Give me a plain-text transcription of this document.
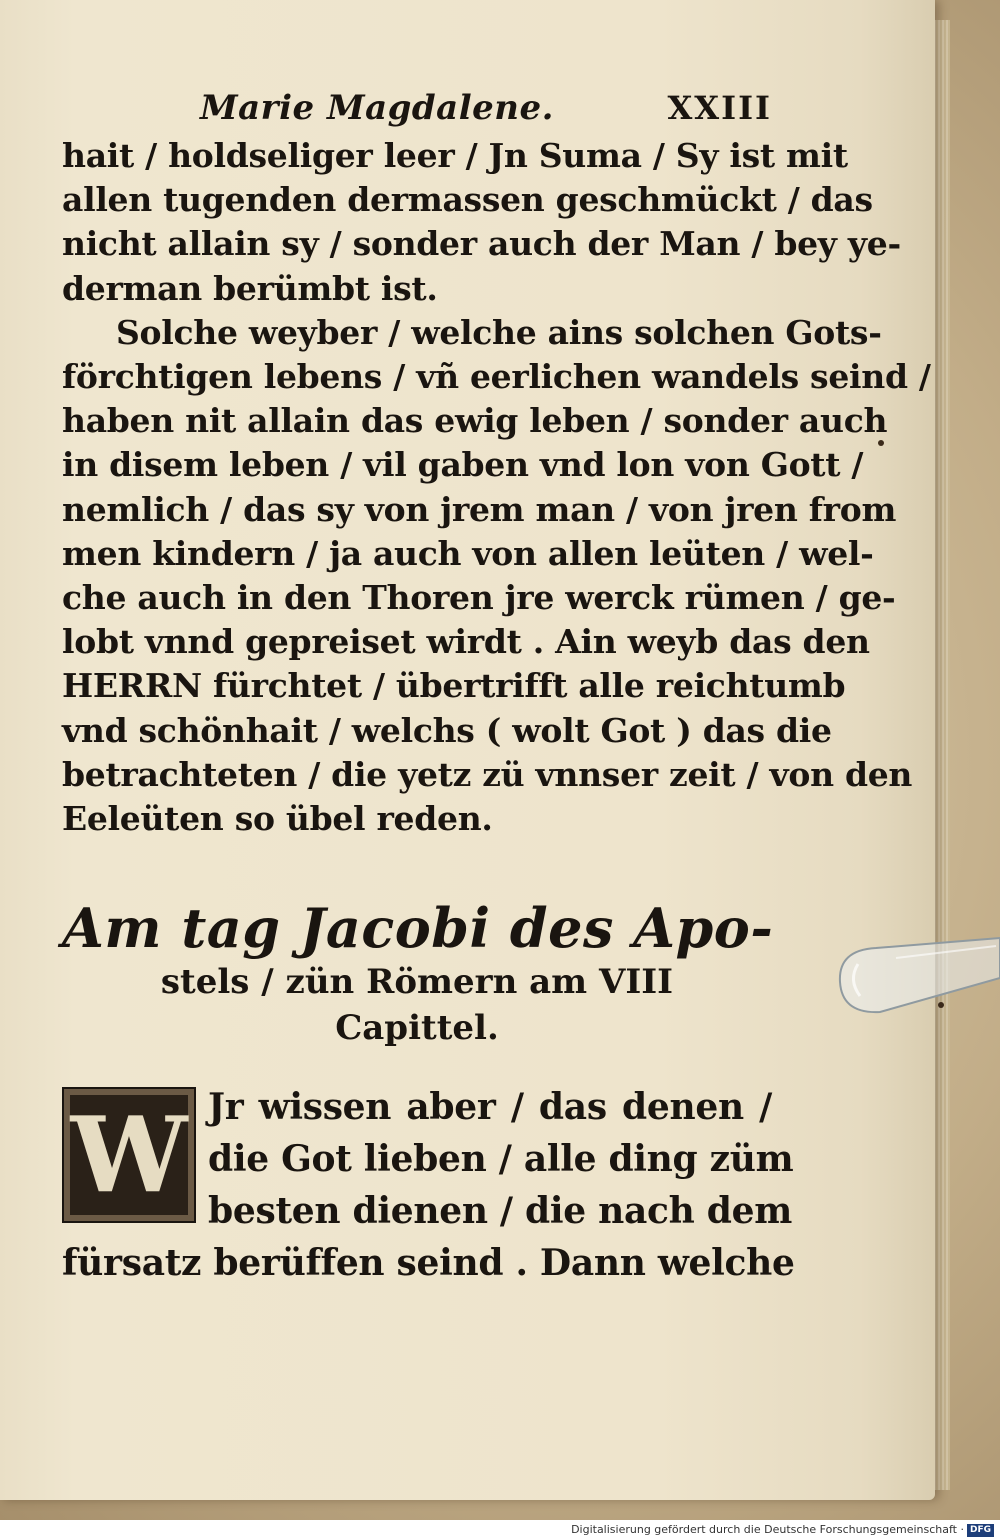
Marie Magdalene.	XXIII
hait / holdseliger leer / Jn Suma / Sy ist mit
allen tugenden dermassen geschmückt / das
nicht allain sy / sonder auch der Man / bey ye-
derman berümbt ist.
Solche weyber / welche ains solchen Gots-
förchtigen lebens / vñ eerlichen wandels seind /
haben nit allain das ewig leben / sonder auch
in disem leben / vil gaben vnd lon von Gott /
nemlich / das sy von jrem man / von jren from
men kindern / ja auch von allen leüten / wel-
che auch in den Thoren jre werck rümen / ge-
lobt vnnd gepreiset wirdt . Ain weyb das den
HERRN fürchtet / übertrifft alle reichtumb
vnd schönhait / welchs ( wolt Got ) das die
betrachteten / die yetz zü vnnser zeit / von den
Eeleüten so übel reden.
Am tag Jacobi des Apo-
stels / zün Römern am VIII
Capittel.
W Jr wissen aber / das denen /
die Got lieben / alle ding züm
besten dienen / die nach dem
fürsatz berüffen seind . Dann welche
Digitalisierung gefördert durch die Deutsche Forschungsgemeinschaft · DFG
